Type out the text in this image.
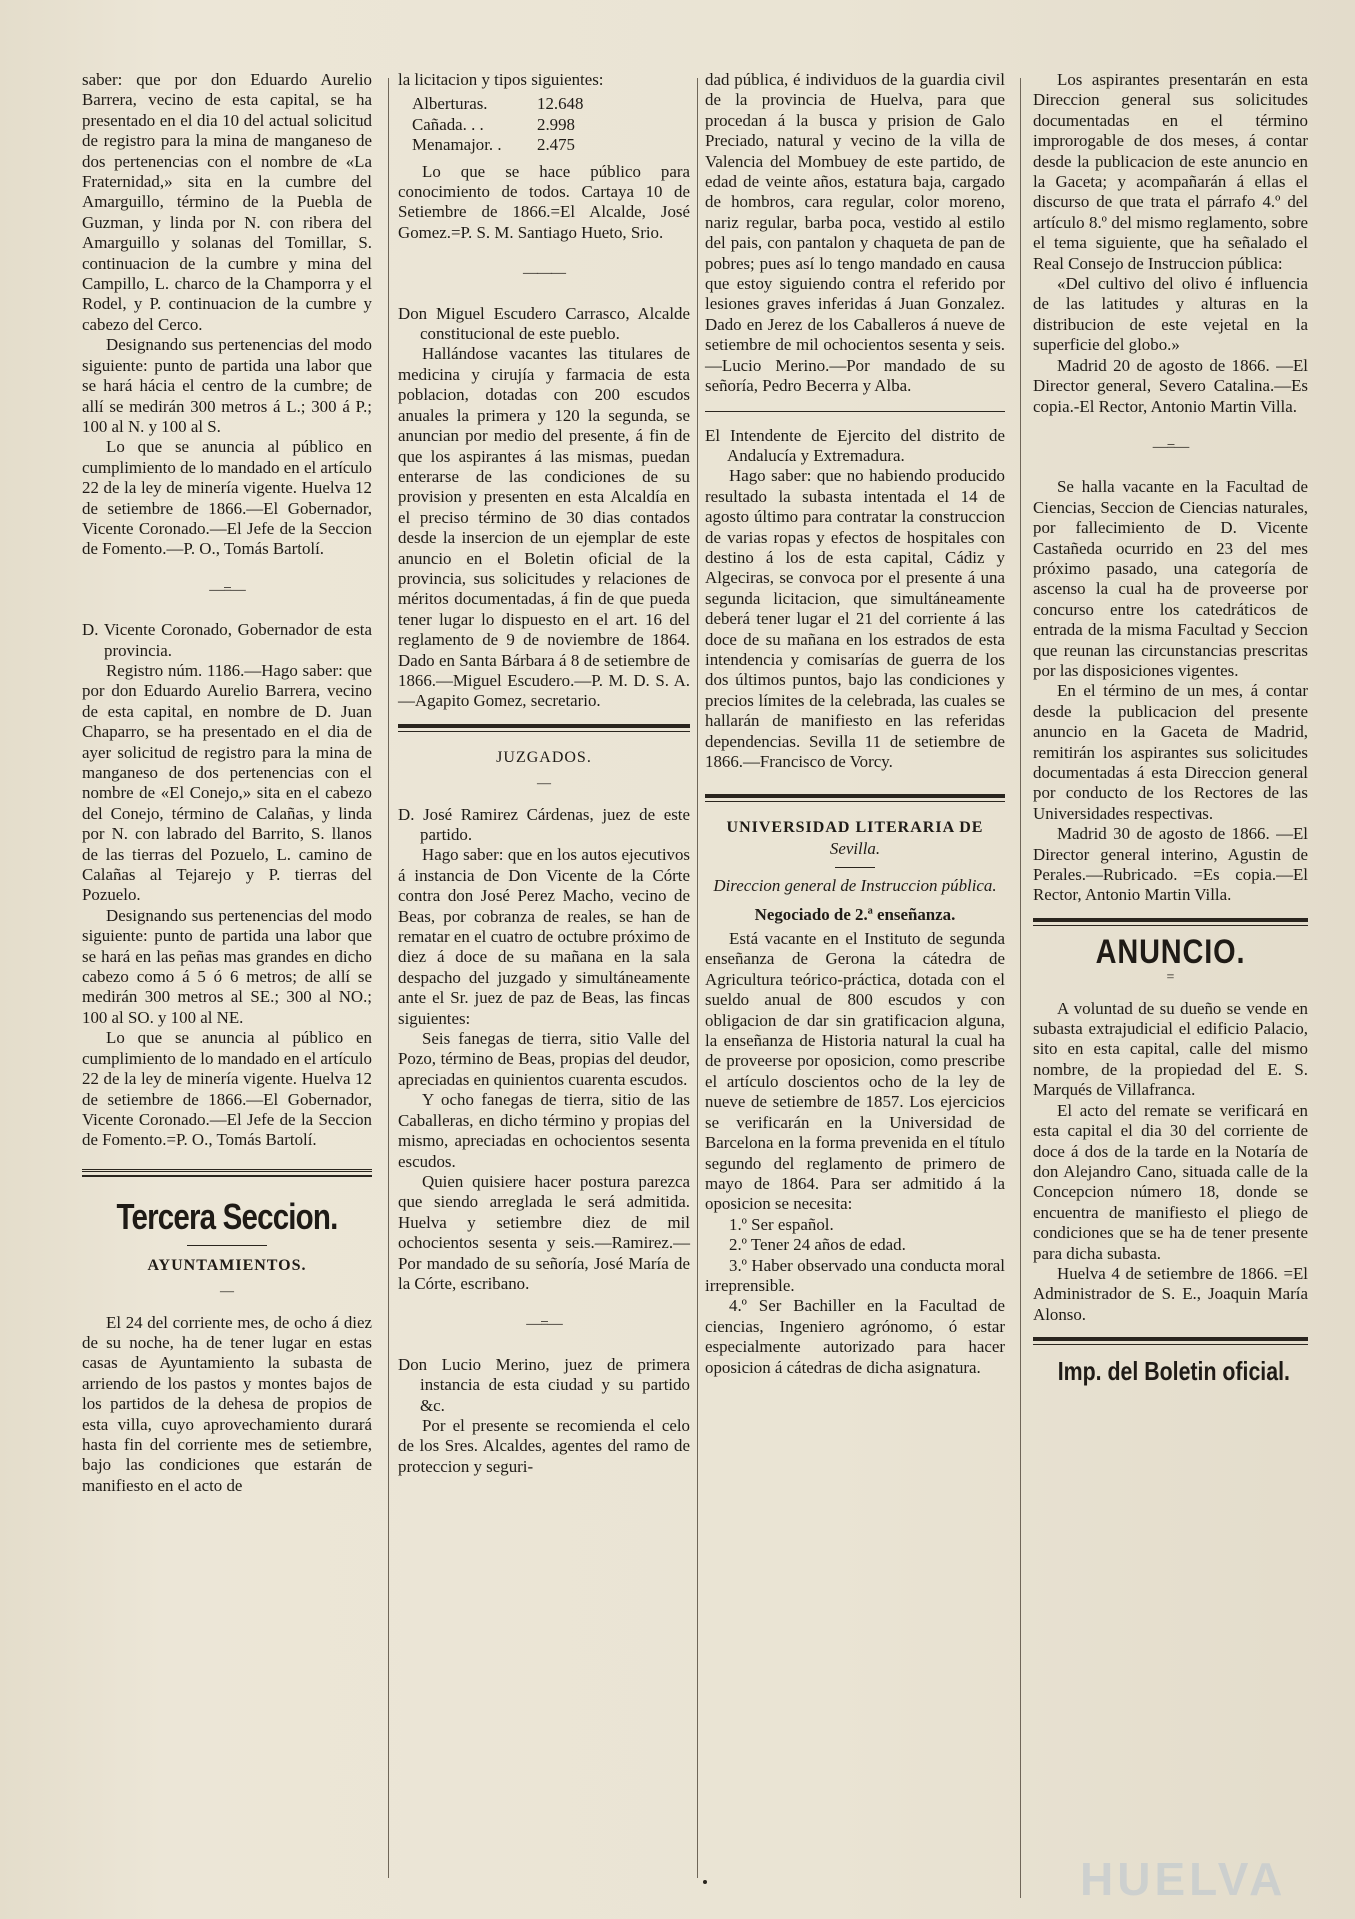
saber: que por don Eduardo Aurelio Barrera, vecino de esta capital, se ha presentado en el dia 10 del actual solicitud de registro para la mina de manganeso de dos pertenencias con el nombre de «La Fraternidad,» sita en la cumbre del Amarguillo, término de la Puebla de Guzman, y linda por N. con ribera del Amarguillo y solanas del Tomillar, S. continuacion de la cumbre y mina del Campillo, L. charco de la Champorra y el Rodel, y P. continuacion de la cumbre y cabezo del Cerco.

Designando sus pertenencias del modo siguiente: punto de partida una labor que se hará hácia el centro de la cumbre; de allí se medirán 300 metros á L.; 300 á P.; 100 al N. y 100 al S.

Lo que se anuncia al público en cumplimiento de lo mandado en el artículo 22 de la ley de minería vigente. Huelva 12 de setiembre de 1866.—El Gobernador, Vicente Coronado.—El Jefe de la Seccion de Fomento.—P. O., Tomás Bartolí.

—=—

D. Vicente Coronado, Gobernador de esta provincia.

Registro núm. 1186.—Hago saber: que por don Eduardo Aurelio Barrera, vecino de esta capital, en nombre de D. Juan Chaparro, se ha presentado en el dia de ayer solicitud de registro para la mina de manganeso de dos pertenencias con el nombre de «El Conejo,» sita en el cabezo del Conejo, término de Calañas, y linda por N. con labrado del Barrito, S. llanos de las tierras del Pozuelo, L. camino de Calañas al Tejarejo y P. tierras del Pozuelo.

Designando sus pertenencias del modo siguiente: punto de partida una labor que se hará en las peñas mas grandes en dicho cabezo como á 5 ó 6 metros; de allí se medirán 300 metros al SE.; 300 al NO.; 100 al SO. y 100 al NE.

Lo que se anuncia al público en cumplimiento de lo mandado en el artículo 22 de la ley de minería vigente. Huelva 12 de setiembre de 1866.—El Gobernador, Vicente Coronado.—El Jefe de la Seccion de Fomento.=P. O., Tomás Bartolí.

Tercera Seccion.
AYUNTAMIENTOS.
—

El 24 del corriente mes, de ocho á diez de su noche, ha de tener lugar en estas casas de Ayuntamiento la subasta de arriendo de los pastos y montes bajos de los partidos de la dehesa de propios de esta villa, cuyo aprovechamiento durará hasta fin del corriente mes de setiembre, bajo las condiciones que estarán de manifiesto en el acto de

la licitacion y tipos siguientes:

Alberturas.	12.648
Cañada. . .	2.998
Menamajor. .	2.475

Lo que se hace público para conocimiento de todos. Cartaya 10 de Setiembre de 1866.=El Alcalde, José Gomez.=P. S. M. Santiago Hueto, Srio.

———

Don Miguel Escudero Carrasco, Alcalde constitucional de este pueblo.

Hallándose vacantes las titulares de medicina y cirujía y farmacia de esta poblacion, dotadas con 200 escudos anuales la primera y 120 la segunda, se anuncian por medio del presente, á fin de que los aspirantes á las mismas, puedan enterarse de las condiciones de su provision y presenten en esta Alcaldía en el preciso término de 30 dias contados desde la insercion de un ejemplar de este anuncio en el Boletin oficial de la provincia, sus solicitudes y relaciones de méritos documentadas, á fin de que pueda tener lugar lo dispuesto en el art. 16 del reglamento de 9 de noviembre de 1864. Dado en Santa Bárbara á 8 de setiembre de 1866.—Miguel Escudero.—P. M. D. S. A.—Agapito Gomez, secretario.

JUZGADOS.
—

D. José Ramirez Cárdenas, juez de este partido.

Hago saber: que en los autos ejecutivos á instancia de Don Vicente de la Córte contra don José Perez Macho, vecino de Beas, por cobranza de reales, se han de rematar en el cuatro de octubre próximo de diez á doce de su mañana en la sala despacho del juzgado y simultáneamente ante el Sr. juez de paz de Beas, las fincas siguientes:

Seis fanegas de tierra, sitio Valle del Pozo, término de Beas, propias del deudor, apreciadas en quinientos cuarenta escudos.

Y ocho fanegas de tierra, sitio de las Caballeras, en dicho término y propias del mismo, apreciadas en ochocientos sesenta escudos.

Quien quisiere hacer postura parezca que siendo arreglada le será admitida. Huelva y setiembre diez de mil ochocientos sesenta y seis.—Ramirez.—Por mandado de su señoría, José María de la Córte, escribano.

—=—

Don Lucio Merino, juez de primera instancia de esta ciudad y su partido &c.

Por el presente se recomienda el celo de los Sres. Alcaldes, agentes del ramo de proteccion y seguri-

dad pública, é individuos de la guardia civil de la provincia de Huelva, para que procedan á la busca y prision de Galo Preciado, natural y vecino de la villa de Valencia del Mombuey de este partido, de edad de veinte años, estatura baja, cargado de hombros, cara regular, color moreno, nariz regular, barba poca, vestido al estilo del pais, con pantalon y chaqueta de pan de pobres; pues así lo tengo mandado en causa que estoy siguiendo contra el referido por lesiones graves inferidas á Juan Gonzalez. Dado en Jerez de los Caballeros á nueve de setiembre de mil ochocientos sesenta y seis.—Lucio Merino.—Por mandado de su señoría, Pedro Becerra y Alba.

El Intendente de Ejercito del distrito de Andalucía y Extremadura.

Hago saber: que no habiendo producido resultado la subasta intentada el 14 de agosto último para contratar la construccion de varias ropas y efectos de hospitales con destino á los de esta capital, Cádiz y Algeciras, se convoca por el presente á una segunda licitacion, que simultáneamente deberá tener lugar el 21 del corriente á las doce de su mañana en los estrados de esta intendencia y comisarías de guerra de los dos últimos puntos, bajo las condiciones y precios límites de la celebrada, las cuales se hallarán de manifiesto en las referidas dependencias. Sevilla 11 de setiembre de 1866.—Francisco de Vorcy.

UNIVERSIDAD LITERARIA DE
Sevilla.
Direccion general de Instruccion pública.
Negociado de 2.ª enseñanza.

Está vacante en el Instituto de segunda enseñanza de Gerona la cátedra de Agricultura teórico-práctica, dotada con el sueldo anual de 800 escudos y con obligacion de dar sin gratificacion alguna, la enseñanza de Historia natural la cual ha de proveerse por oposicion, como prescribe el artículo doscientos ocho de la ley de nueve de setiembre de 1857. Los ejercicios se verificarán en la Universidad de Barcelona en la forma prevenida en el título segundo del reglamento de primero de mayo de 1864. Para ser admitido á la oposicion se necesita:

1.º Ser español.

2.º Tener 24 años de edad.

3.º Haber observado una conducta moral irreprensible.

4.º Ser Bachiller en la Facultad de ciencias, Ingeniero agrónomo, ó estar especialmente autorizado para hacer oposicion á cátedras de dicha asignatura.

Los aspirantes presentarán en esta Direccion general sus solicitudes documentadas en el término improrogable de dos meses, á contar desde la publicacion de este anuncio en la Gaceta; y acompañarán á ellas el discurso de que trata el párrafo 4.º del artículo 8.º del mismo reglamento, sobre el tema siguiente, que ha señalado el Real Consejo de Instruccion pública:

«Del cultivo del olivo é influencia de las latitudes y alturas en la distribucion de este vejetal en la superficie del globo.»

Madrid 20 de agosto de 1866. —El Director general, Severo Catalina.—Es copia.-El Rector, Antonio Martin Villa.

—=—

Se halla vacante en la Facultad de Ciencias, Seccion de Ciencias naturales, por fallecimiento de D. Vicente Castañeda ocurrido en 23 del mes próximo pasado, una categoría de ascenso la cual ha de proveerse por concurso entre los catedráticos de entrada de la misma Facultad y Seccion que reunan las circunstancias prescritas por las disposiciones vigentes.

En el término de un mes, á contar desde la publicacion del presente anuncio en la Gaceta de Madrid, remitirán los aspirantes sus solicitudes documentadas á esta Direccion general por conducto de los Rectores de las Universidades respectivas.

Madrid 30 de agosto de 1866. —El Director general interino, Agustin de Perales.—Rubricado. =Es copia.—El Rector, Antonio Martin Villa.

ANUNCIO.
=

A voluntad de su dueño se vende en subasta extrajudicial el edificio Palacio, sito en esta capital, calle del mismo nombre, de la propiedad del E. S. Marqués de Villafranca.

El acto del remate se verificará en esta capital el dia 30 del corriente de doce á dos de la tarde en la Notaría de don Alejandro Cano, situada calle de la Concepcion número 18, donde se encuentra de manifiesto el pliego de condiciones que se ha de tener presente para dicha subasta.

Huelva 4 de setiembre de 1866. =El Administrador de S. E., Joaquin María Alonso.

Imp. del Boletin oficial.
HUELVA
